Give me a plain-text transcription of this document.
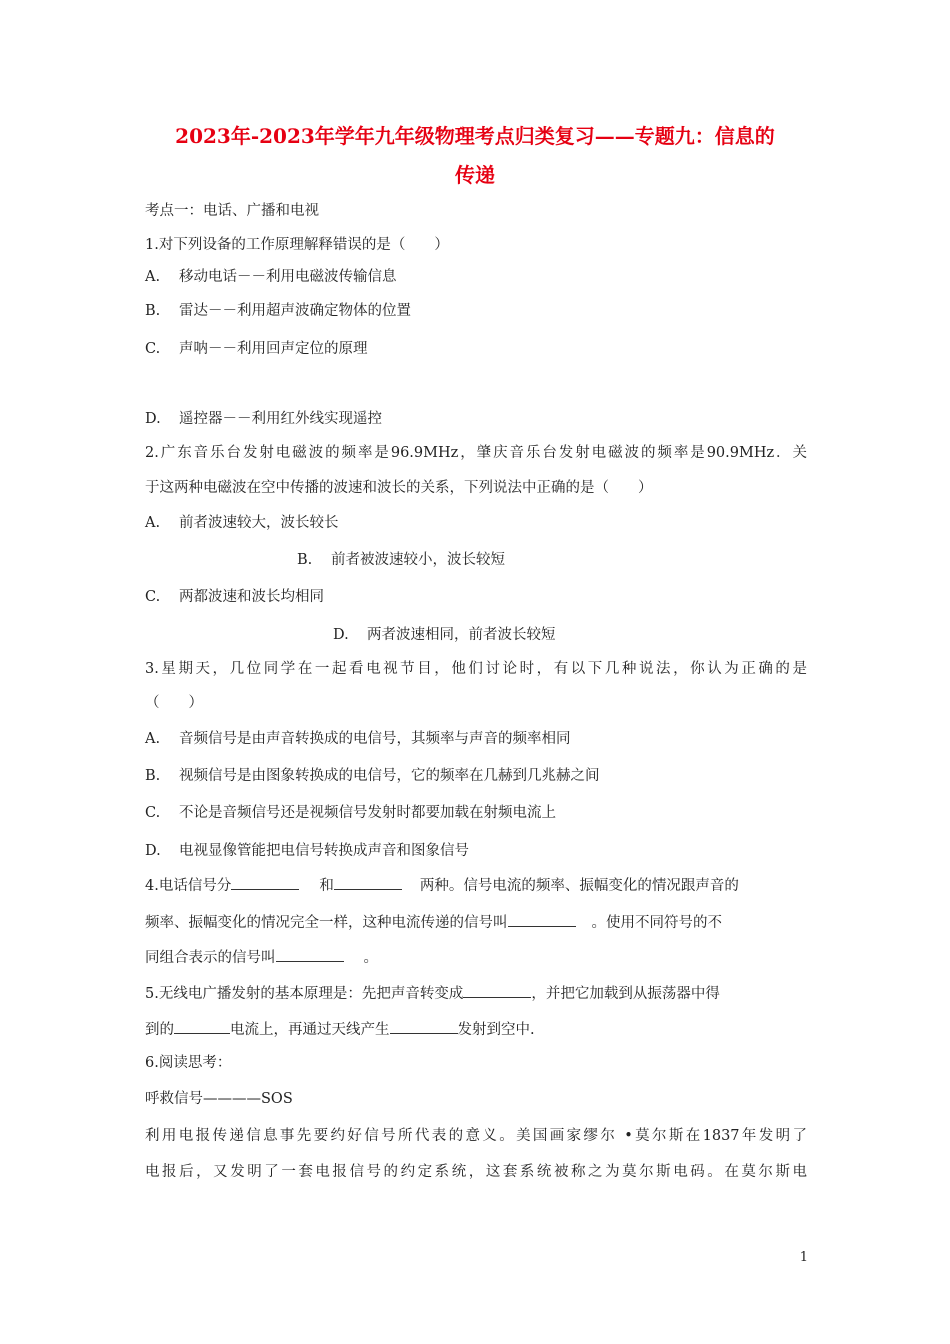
2023年-2023年学年九年级物理考点归类复习——专题九：信息的
传递
考点一：电话、广播和电视
1.对下列设备的工作原理解释错误的是（　　）
A. 移动电话－－利用电磁波传输信息
B. 雷达－－利用超声波确定物体的位置
C. 声呐－－利用回声定位的原理
D. 遥控器－－利用红外线实现遥控
2.广东音乐台发射电磁波的频率是96.9MHz，肇庆音乐台发射电磁波的频率是90.9MHz．关
于这两种电磁波在空中传播的波速和波长的关系，下列说法中正确的是（　　）
A. 前者波速较大，波长较长
B. 前者被波速较小，波长较短
C. 两都波速和波长均相同
D. 两者波速相同，前者波长较短
3.星期天，几位同学在一起看电视节目，他们讨论时，有以下几种说法，你认为正确的是
（　　）
A. 音频信号是由声音转换成的电信号，其频率与声音的频率相同
B. 视频信号是由图象转换成的电信号，它的频率在几赫到几兆赫之间
C. 不论是音频信号还是视频信号发射时都要加载在射频电流上
D. 电视显像管能把电信号转换成声音和图象信号
4.电话信号分	和	两种。信号电流的频率、振幅变化的情况跟声音的
频率、振幅变化的情况完全一样，这种电流传递的信号叫	。使用不同符号的不
同组合表示的信号叫	。
5.无线电广播发射的基本原理是：先把声音转变成	，并把它加载到从振荡器中得
到的	电流上，再通过天线产生	发射到空中.
6.阅读思考：
呼救信号————SOS
利用电报传递信息事先要约好信号所代表的意义。美国画家缪尔 •莫尔斯在1837年发明了
电报后，又发明了一套电报信号的约定系统，这套系统被称之为莫尔斯电码。在莫尔斯电
1
